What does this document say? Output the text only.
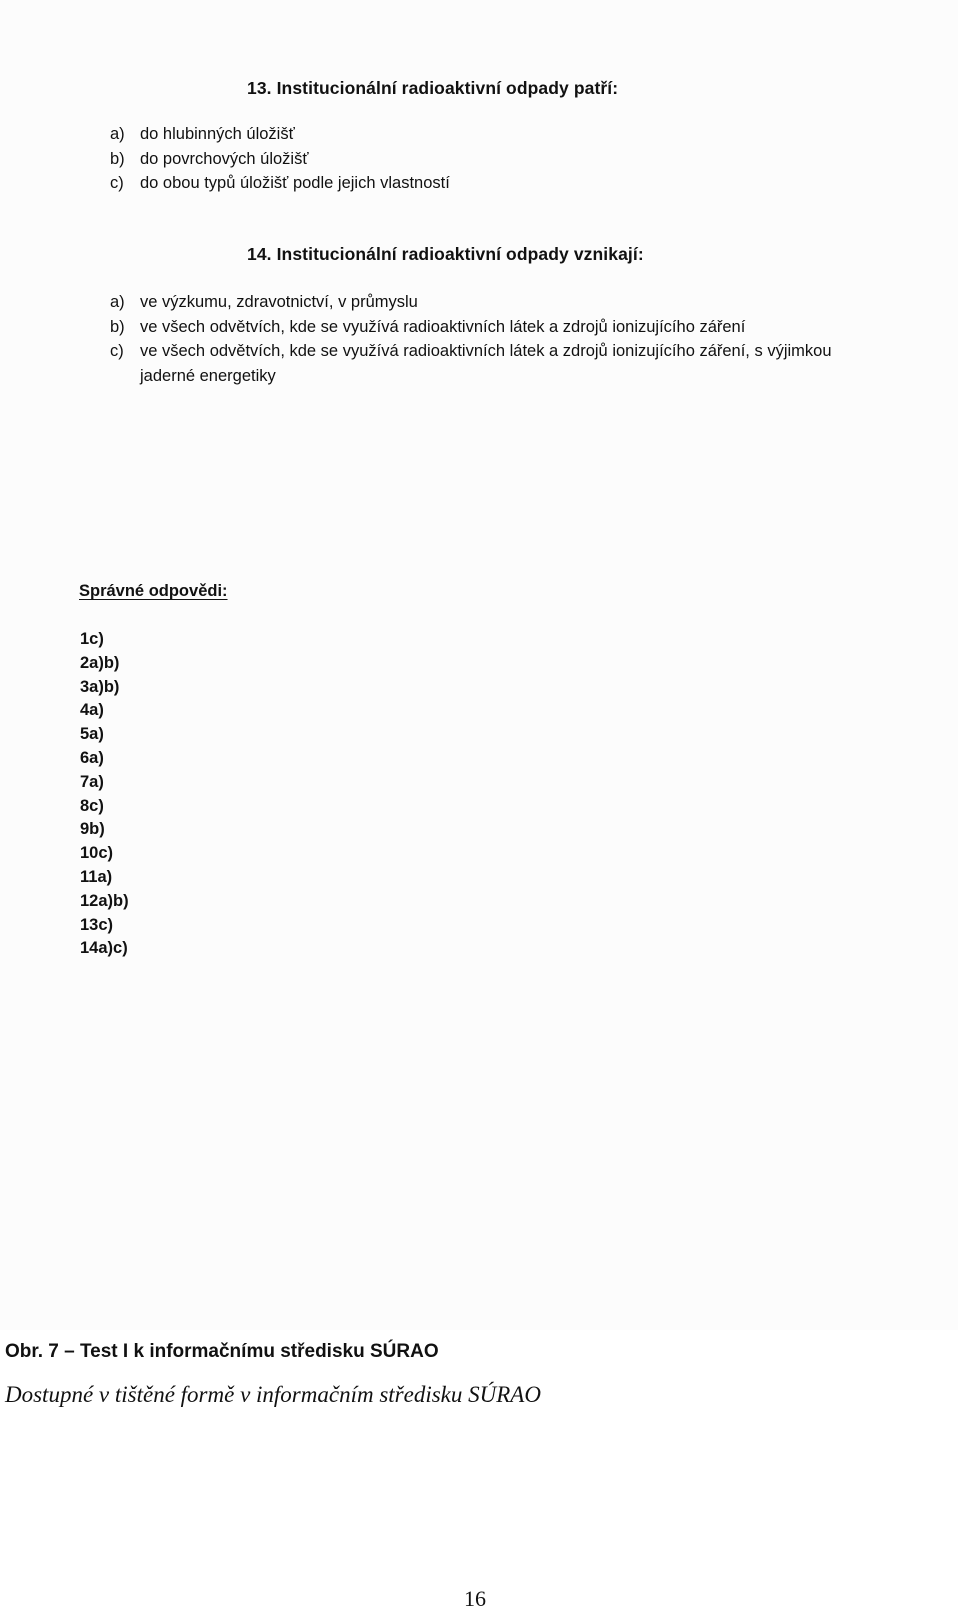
13. Institucionální radioaktivní odpady patří:
a) do hlubinných úložišť
b) do povrchových úložišť
c) do obou typů úložišť podle jejich vlastností
14. Institucionální radioaktivní odpady vznikají:
a) ve výzkumu, zdravotnictví, v průmyslu
b) ve všech odvětvích, kde se využívá radioaktivních látek a zdrojů ionizujícího záření
c) ve všech odvětvích, kde se využívá radioaktivních látek a zdrojů ionizujícího záření, s výjimkou jaderné energetiky
Správné odpovědi:
1c)
2a)b)
3a)b)
4a)
5a)
6a)
7a)
8c)
9b)
10c)
11a)
12a)b)
13c)
14a)c)
Obr. 7 – Test I k informačnímu středisku SÚRAO
Dostupné v tištěné formě v informačním středisku SÚRAO
16
